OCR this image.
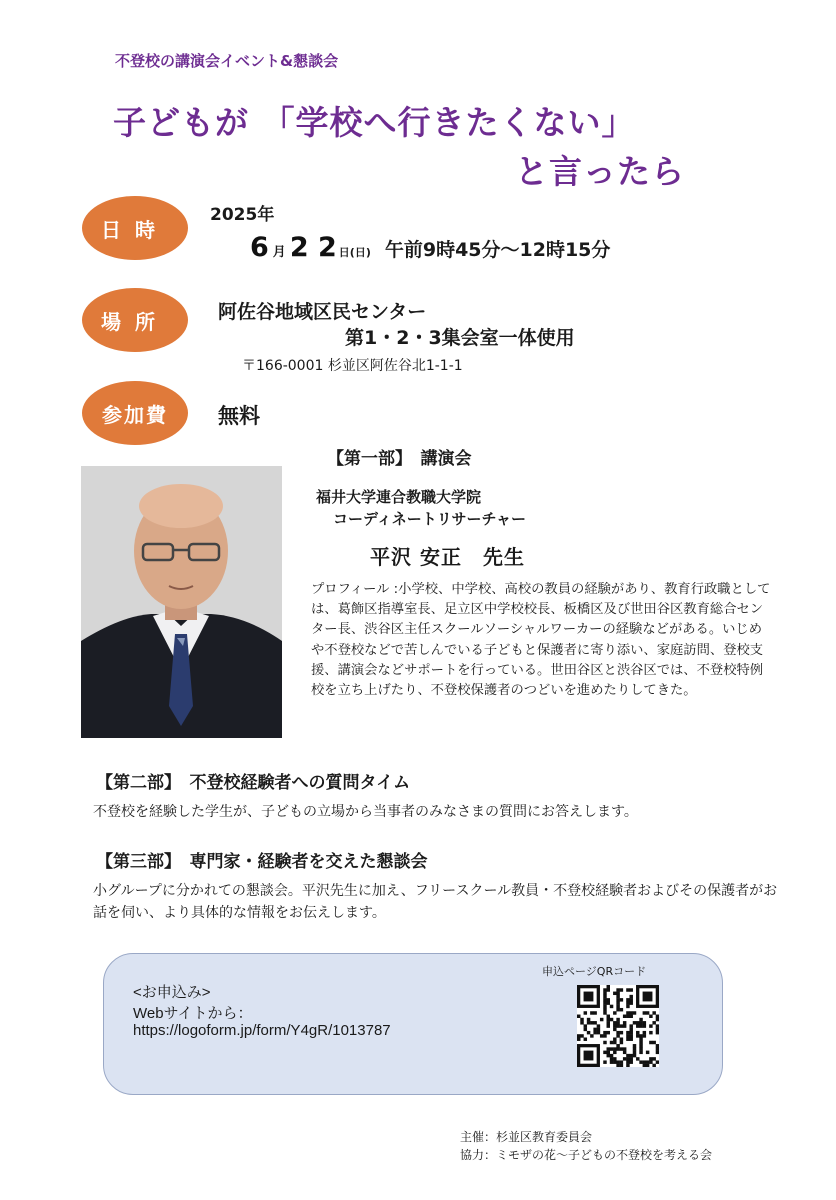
不登校の講演会イベント&懇談会
子どもが 「学校へ行きたくない」
と言ったら
日時
場所
参加費
2025年
6 月 2 2 日(日) 午前9時45分～12時15分
阿佐谷地域区民センター
第1・2・3集会室一体使用
〒166-0001 杉並区阿佐谷北1-1-1
無料
【第一部】　講演会
福井大学連合教職大学院
コーディネートリサーチャー
平沢 安正　先生
プロフィール :小学校、中学校、高校の教員の経験があり、教育行政職としては、葛飾区指導室長、足立区中学校校長、板橋区及び世田谷区教育総合センター長、渋谷区主任スクールソーシャルワーカーの経験などがある。いじめや不登校などで苦しんでいる子どもと保護者に寄り添い、家庭訪問、登校支援、講演会などサポートを行っている。世田谷区と渋谷区では、不登校特例校を立ち上げたり、不登校保護者のつどいを進めたりしてきた。
【第二部】　不登校経験者への質問タイム
不登校を経験した学生が、子どもの立場から当事者のみなさまの質問にお答えします。
【第三部】　専門家・経験者を交えた懇談会
小グループに分かれての懇談会。平沢先生に加え、フリースクール教員・不登校経験者およびその保護者がお話を伺い、より具体的な情報をお伝えします。
<お申込み>
Webサイトから：
https://logoform.jp/form/Y4gR/1013787
申込ページQRコード
主催：杉並区教育委員会
協力：ミモザの花～子どもの不登校を考える会
